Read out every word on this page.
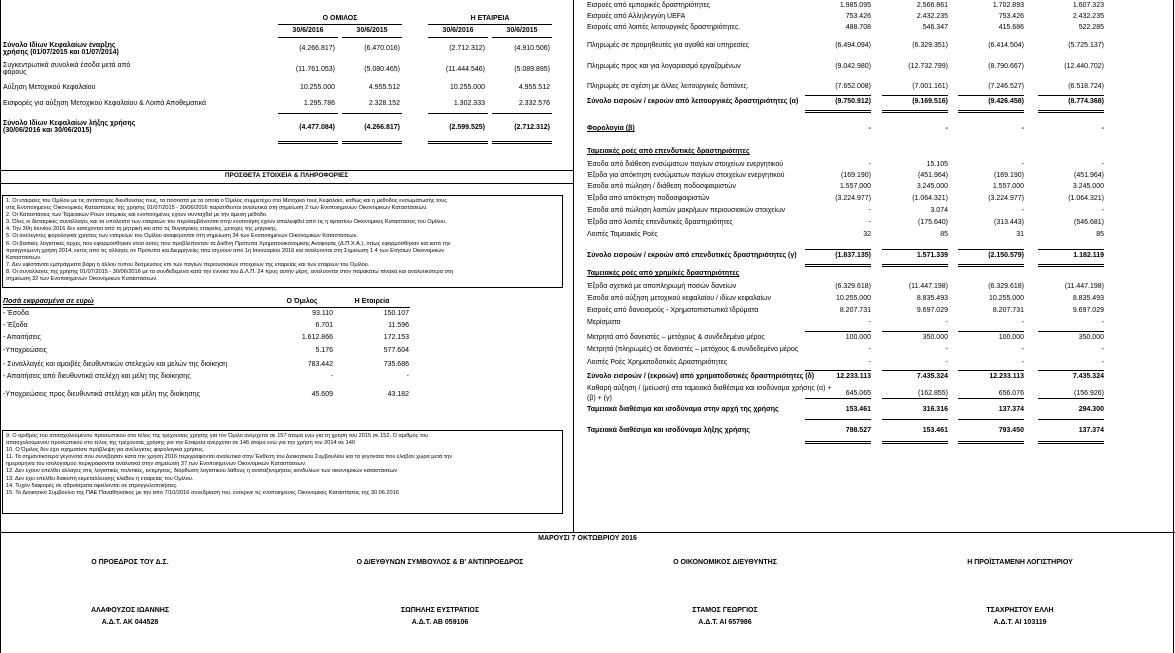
Ο ΟΜΙΛΟΣ	Η ΕΤΑΙΡΕΙΑ
30/6/2016	30/6/2015	30/6/2016	30/6/2015
Σύνολο Ιδίων Κεφαλαίων έναρξης
χρήσης (01/07/2015 και 01/07/2014)
(4.266.817)	(6.470.016)	(2.712.312)	(4.910.506)
Συγκεντρωτικά συνολικά έσοδα μετά από
φόρους	(11.761.053)	(5.080.465)	(11.444.546)	(5.089.895)
Αύξηση Μετοχικού Κεφαλαίου	10.255.000	4.955.512	10.255.000	4.955.512
Εισφορές για αύξηση Μετοχικού Κεφαλαίου & Λοιπά Αποθεματικά	1.295.786	2.328.152	1.302.333	2.332.576
Σύνολο Ιδίων Κεφαλαίων λήξης χρήσης
(30/06/2016 και 30/06/2015)	(4.477.084)	(4.266.817)	(2.599.525)	(2.712.312)
ΠΡΟΣΘΕΤΑ ΣΤΟΙΧΕΙΑ & ΠΛΗΡΟΦΟΡΙΕΣ
1. Οι εταιρείες του Ομίλου με τις αντίστοιχες διευθύνσεις τους, τα ποσοστά με τα οποία ο Όμιλος συμμετέχει στο Μετοχικό τους Κεφάλαιο, καθώς και η μέθοδος ενσωμάτωσής τους
στις Ενοποιημένες Οικονομικές Καταστάσεις της χρήσης 01/07/2015 - 30/06/2016 παρατίθενται αναλυτικά στη σημείωση 2 των Ενοποιημένων Οικονομικών Καταστάσεων.
2. Οι Καταστάσεις των Ταμειακών Ροών ατομικές και ενοποιημένες έχουν συνταχθεί με την άμεση μέθοδο.
3. Όλες οι διεταιρικές συναλλαγές και τα υπόλοιπα των εταιρειών του περιλαμβάνονται στην ενοποίηση έχουν απαλειφθεί από τις η αρτατίνω Οικονομικές Καταστάσεις του Ομίλου.
4. Την 30η Ιουνίου 2016 δεν κατέχονται από τη μητρική και από τις θυγατρικές εταιρείες, μετοχές της μητρικής.
5. Οι ανέλεγκτες φορολογικά χρήσεις των εταιρειών του Ομίλου αναφέρονται στη σημείωση 34 των Ενοποιημένων Οικονομικών Καταστάσεων.
6. Οι βασικές λογιστικές αρχές που εφαρμόσθηκαν είναι αυτές που προβλέπονταν τα Διεθνή Πρότυπα Χρηματοοικονομικής Αναφοράς (Δ.Π.Χ.Α.), όπως εφαρμόσθηκαν και κατά την
προηγούμενη χρήση 2014, εκτός από τις αλλαγές σε Πρότυπα και Διερμηνείες που ισχύουν από 1η Ιανουαρίου 2016 και αναλύονται στη Σημείωση 1.4 των Ετήσιων Οικονομικών
Καταστάσεων.
7. Δεν υφίστανται εμπράγματα βάρη ή άλλου τύπου δεσμεύσεις επί των παγίων περιουσιακών στοιχείων της εταιρείας και των εταιριών του Ομίλου.
8. Οι συναλλαγές της χρήσης 01/07/2015 - 30/06/2016 με τα συνδεδεμένα κατά την έννοια του Δ.Λ.Π. 24 προς αυτήν μέρη, αναλύονται στον παρακάτω πίνακα και αναλυτικότερα στη
σημείωση 32 των Ενοποιημένων Οικονομικών Καταστάσεων.
Ποσά εκφρασμένα σε ευρώ	Ο Όμιλος	Η Εταιρεία
- Έσοδα	93.110	150.107
- Έξοδα	6.701	11.596
- Απαιτήσεις	1.612.866	172.153
-Υποχρεώσεις	5.176	577.604
- Συναλλαγές και αμοιβές διευθυντικών στελεχών και μελών της διοίκηση	783.442	735.686
- Απαιτήσεις από διευθυντικά στελέχη και μέλη της διοίκησης	-	-
-Υποχρεώσεις προς διευθυντικά στελέχη και μέλη της διοίκησης	45.609	43.182
9. Ο αριθμός του απασχολούμενου προσωπικού στο τέλος της τρέχουσας χρήσης για τον Όμιλο ανέρχεται σε 157 άτομα ενώ για τη χρήση του 2015 σε 152. Ο αριθμός του
απασχολούμενου προσωπικού στο τέλος της τρέχουσας χρήσης για την Εταιρεία ανέρχεται σε 146 άτομα ενώ για την χρήση του 2014 σε 140
10. Ο Όμιλος δεν έχει σχηματίσει πρόβλεψη για ανέλεγκτες φορολογικά χρήσεις.
11. Τα σημαντικότερα γεγονότα που συνέβησαν κατά την χρήση 2016 περιγράφονται αναλυτικά στην Έκθεση του Διοικητικού Συμβουλίου και τα γεγονότα που έλαβαν χώρα μετά την
ημερομηνία του ισολογισμού περιγράφονται αναλυτικά στην σημείωση 37 των Ενοποιημένων Οικονομικών Καταστάσεων.
12. Δεν έχουν επέλθει αλλαγές στις λογιστικές πολιτικές, εκτιμήσεις, διόρθωση λογιστικού λάθους ή αναταξινομήσεις κονδυλίων των οικονομικών καταστάσεων
13. Δεν έχει επέλθει διακοπή εκμετάλλευσης κλάδου ή εταιρείας του Ομίλου.
14. Τυχόν διαφορές σε αθροίσματα οφείλονται σε στρογγυλοποιήσεις.
15. Το Διοικητικό Συμβούλιο της ΠΑΕ Παναθηναϊκός με την από 7/10/2016 συνεδρίασή του, ενέκρινε τις ενοποιημένες Οικονομικές Καταστάσεις της 30.06.2016
Εισροές από εμπορικές δραστηριότητες	1.985.095	2.566.861	1.702.893	1.607.323
Εισροές από Αλληλεγγύη UEFA	753.426	2.432.235	753.426	2.432.235
Εισροές από λοιπές λειτουργικές δραστηριότητες.	488.708	546.347	415.686	522.285
Πληρωμές σε προμηθευτές για αγαθά και υπηρεσίες	(6.494.094)	(6.329.351)	(6.414.504)	(5.725.137)
Πληρωμές προς και για λογαριασμό εργαζομένων	(9.042.980)	(12.732.799)	(8.790.667)	(12.440.702)
Πληρωμές σε σχέση με άλλες λειτουργικές δαπάνες.	(7.652.008)	(7.001.161)	(7.246.527)	(6.518.724)
Σύνολο εισροών / εκροών από λειτουργικές δραστηριότητες (α)	(9.750.912)	(9.169.516)	(9.426.458)	(8.774.368)
Φορολογία (β)	-	-	-	-
Ταμειακές ροές από επενδυτικές δραστηριότητες
Έσοδα από διάθεση ενσώματων παγίων στοιχείων ενεργητικού	-	15.105	-	-
Έξοδα για απόκτηση ενσώματων παγίων στοιχείων ενεργητικού	(169.190)	(451.964)	(169.190)	(451.964)
Έσοδα από πώληση / διάθεση ποδοσφαιριστών	1.557.000	3.245.000	1.557.000	3.245.000
Έξοδα από απόκτηση ποδοσφαιριστών	(3.224.977)	(1.064.321)	(3.224.977)	(1.064.321)
Έσοδα από πώληση λοιπών μακρ/μων περιουσιακών στοιχείων	-	3.074	-	-
Έξοδα από λοιπές επενδυτικές δραστηριότητες	-	(175.640)	(313.443)	(546.681)
Λοιπές Ταμειακές Ροές	32	85	31	85
Σύνολο εισροών / εκροών από επενδυτικές δραστηριότητες (γ)	(1.837.135)	1.571.339	(2.150.579)	1.182.119
Ταμειακές ροές από χρημ/κές δραστηριότητες
Έξοδα σχετικά με αποπληρωμή ποσών δανείων	(6.329.618)	(11.447.198)	(6.329.618)	(11.447.198)
Έσοδα από αύξηση μετοχικού κεφαλαίου / ιδίων κεφαλαίων	10.255.000	8.835.493	10.255.000	8.835.493
Εισροές από δανεισμούς - Χρηματοπιστωτικά Ιδρύματα	8.207.731	9.697.029	8.207.731	9.697.029
Μερίσματα	-	-	-	-
Μετρητά από δανειστές – μετόχους & συνδεδεμένο μέρος	100.000	350.000	100.000	350.000
Μετρητά (πληρωμές) σε δανειστές – μετόχους & συνδεδεμένο μέρος	-	-	-	-
Λοιπές Ροές Χρηματοδοτικές Δραστηριότητες	-	-	-	-
Σύνολο εισροών / (εκροών) από χρηματοδοτικές δραστηριότητες (δ)	12.233.113	7.435.324	12.233.113	7.435.324
Καθαρή αύξηση / (μείωση) στα ταμειακά διαθέσιμα και ισοδύναμα χρήσης (α) +
(β) + (γ)
645.065	(162.855)	656.076	(156.926)
Ταμειακά διαθέσιμα και ισοδύναμα στην αρχή της χρήσης	153.461	316.316	137.374	294.300
Ταμειακά διαθέσιμα και ισοδύναμα λήξης χρήσης	798.527	153.461	793.450	137.374
ΜΑΡΟΥΣΙ 7 ΟΚΤΩΒΡΙΟΥ 2016
Ο ΠΡΟΕΔΡΟΣ ΤΟΥ Δ.Σ.	Ο ΔΙΕΥΘΥΝΩΝ ΣΥΜΒΟΥΛΟΣ & Β' ΑΝΤΙΠΡΟΕΔΡΟΣ	Ο ΟΙΚΟΝΟΜΙΚΟΣ ΔΙΕΥΘΥΝΤΗΣ	Η ΠΡΟΪΣΤΑΜΕΝΗ ΛΟΓΙΣΤΗΡΙΟΥ
ΑΛΑΦΟΥΖΟΣ ΙΩΑΝΝΗΣ	ΣΩΠΗΛΗΣ ΕΥΣΤΡΑΤΙΟΣ	ΣΤΑΜΟΣ ΓΕΩΡΓΙΟΣ	ΤΣΑΧΡΗΣΤΟΥ ΕΛΛΗ
Α.Δ.Τ. ΑΚ 044528	Α.Δ.Τ. ΑΒ 059106	Α.Δ.Τ. ΑΙ 657986	Α.Δ.Τ. ΑΙ 103119
